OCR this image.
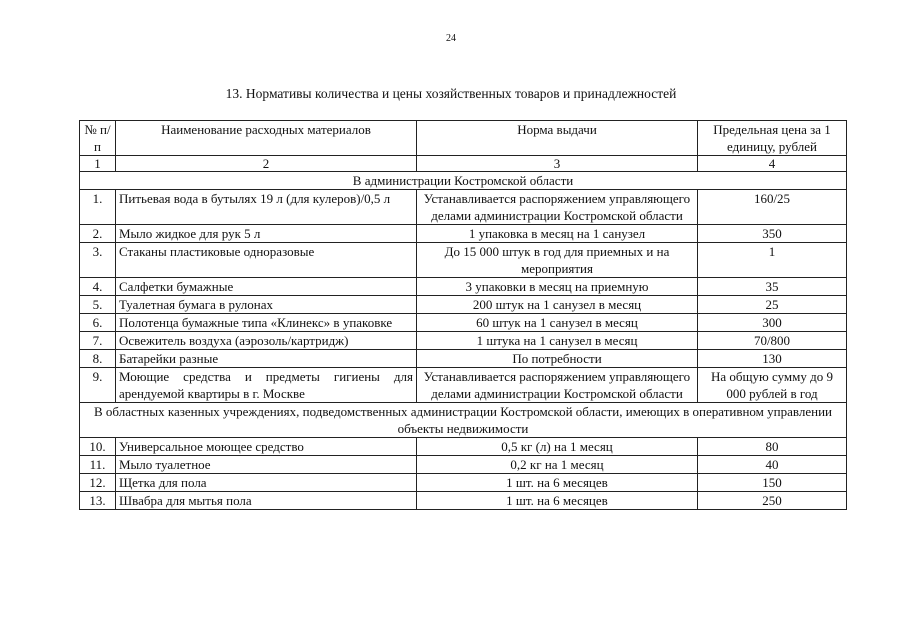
24
13. Нормативы количества и цены хозяйственных товаров и принадлежностей
№ п/п	Наименование расходных материалов	Норма выдачи	Предельная цена за 1 единицу, рублей
1	2	3	4
В администрации Костромской области			
1.	Питьевая вода в бутылях 19 л (для кулеров)/0,5 л	Устанавливается распоряжением управляющего делами администрации Костромской области	160/25
2.	Мыло жидкое для рук 5 л	1 упаковка в месяц на 1 санузел	350
3.	Стаканы пластиковые одноразовые	До 15 000 штук в год для приемных и на мероприятия	1
4.	Салфетки бумажные	3 упаковки в месяц на приемную	35
5.	Туалетная бумага в рулонах	200 штук на 1 санузел в месяц	25
6.	Полотенца бумажные типа «Клинекс» в упаковке	60 штук на 1 санузел в месяц	300
7.	Освежитель воздуха (аэрозоль/картридж)	1 штука на 1 санузел в месяц	70/800
8.	Батарейки разные	По потребности	130
9.	Моющие средства и предметы гигиены для арендуемой квартиры в г. Москве	Устанавливается распоряжением управляющего делами администрации Костромской области	На общую сумму до 9 000 рублей в год
В областных казенных учреждениях, подведомственных администрации Костромской области, имеющих в оперативном управлении объекты недвижимости			
10.	Универсальное моющее средство	0,5 кг (л) на 1 месяц	80
11.	Мыло туалетное	0,2 кг на 1 месяц	40
12.	Щетка для пола	1 шт. на 6 месяцев	150
13.	Швабра для мытья пола	1 шт. на 6 месяцев	250
